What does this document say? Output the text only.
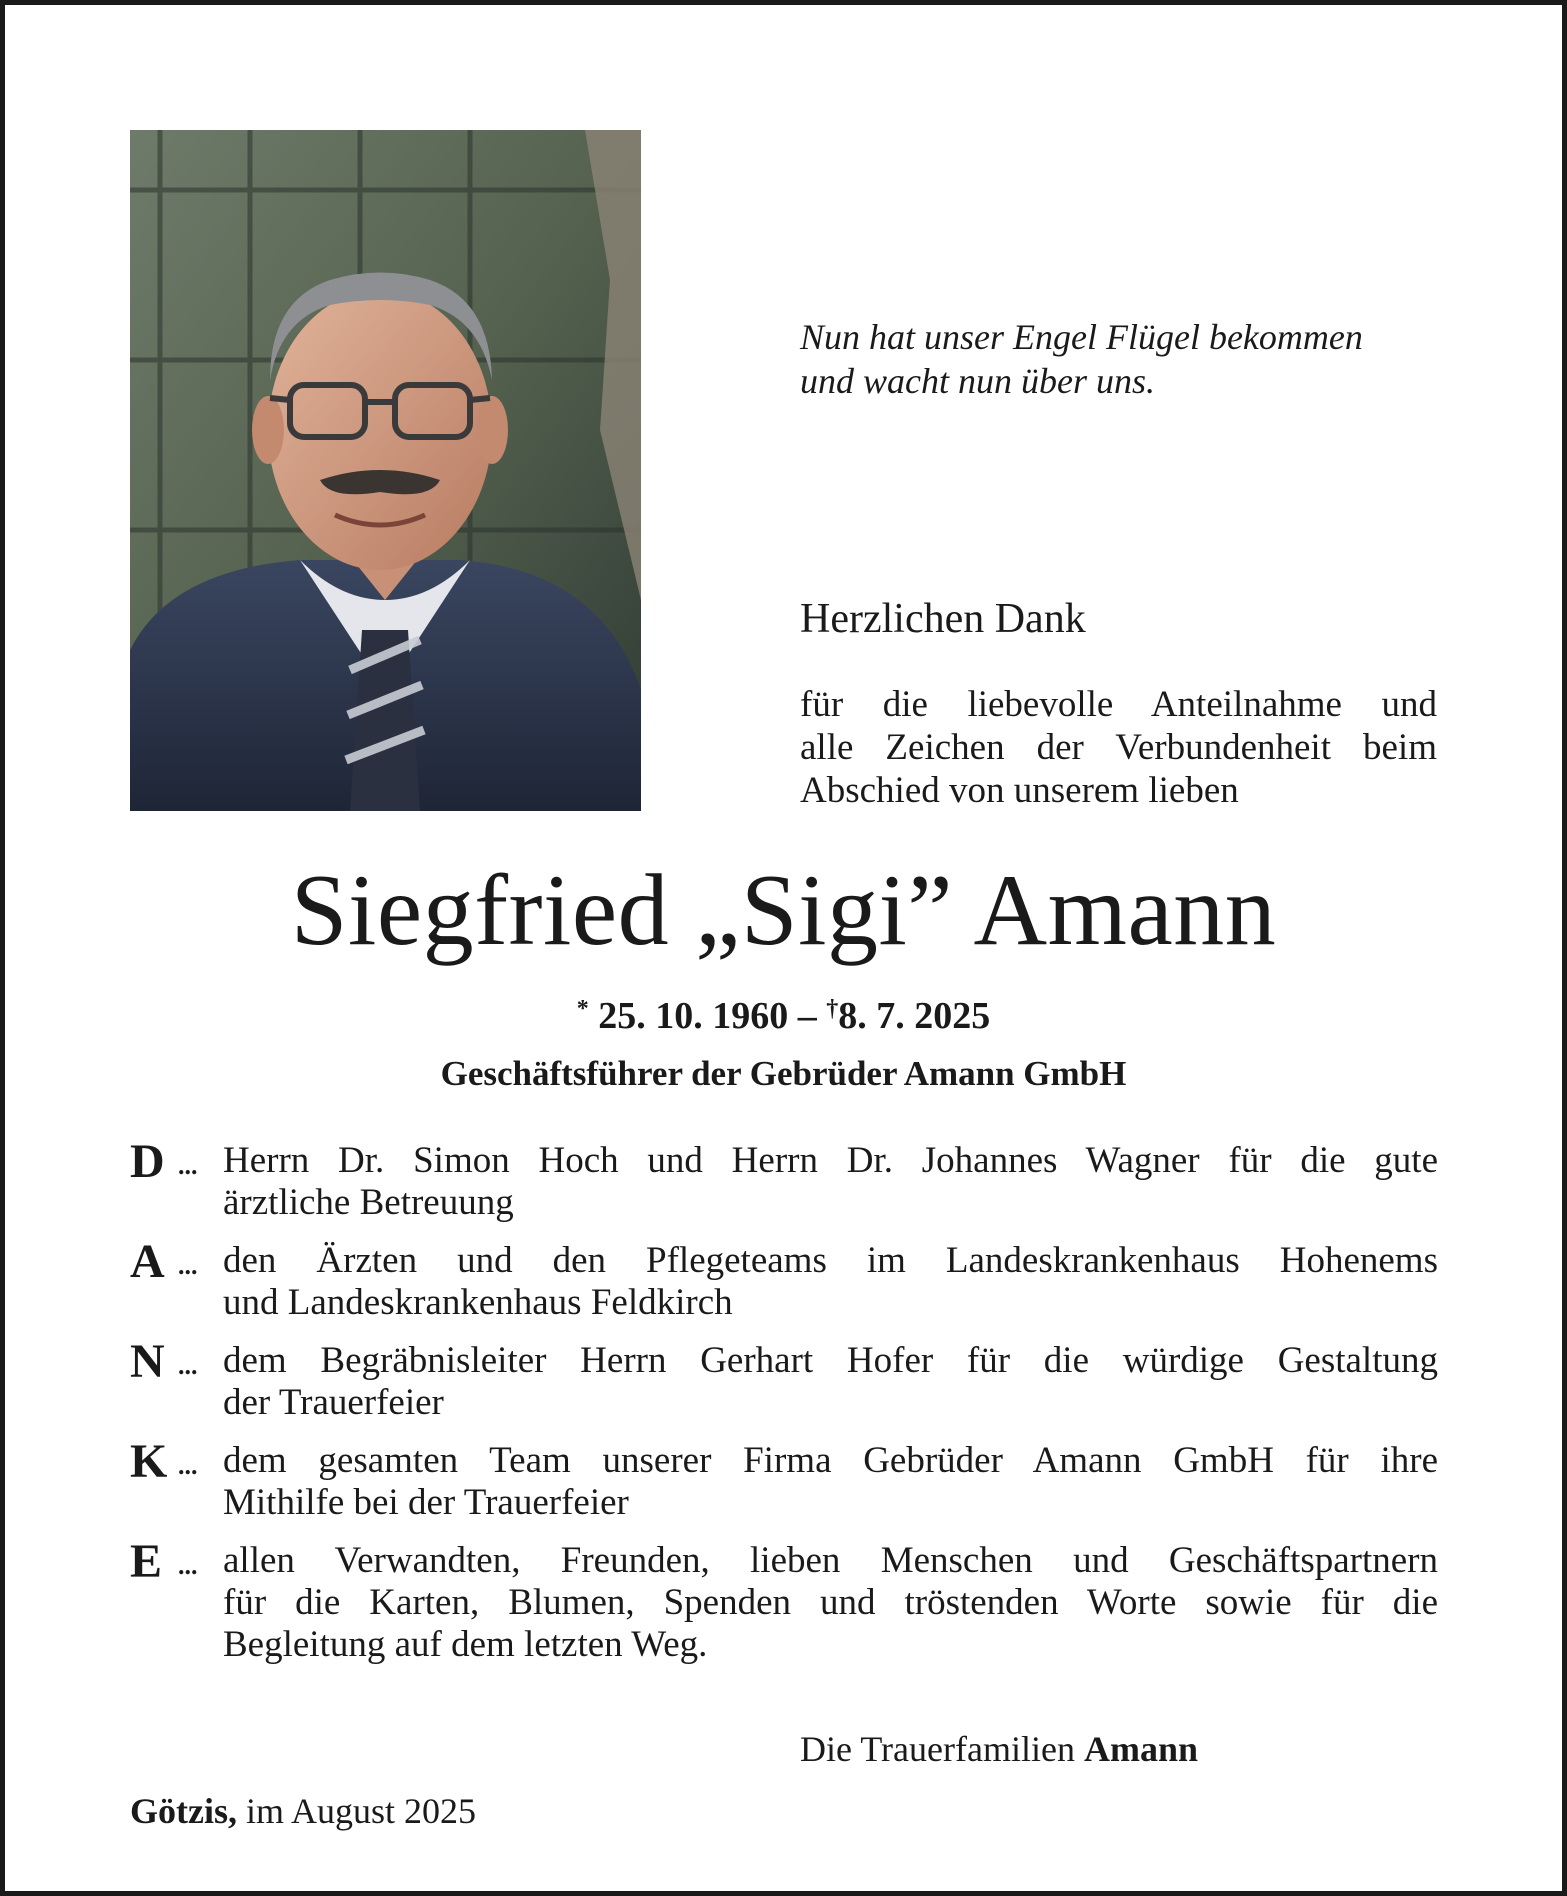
Nun hat unser Engel Flügel bekommen
und wacht nun über uns.
Herzlichen Dank
für die liebevolle Anteilnahme und
alle Zeichen der Verbundenheit beim
Abschied von unserem lieben
Siegfried „Sigi” Amann
* 25. 10. 1960 – †8. 7. 2025
Geschäftsführer der Gebrüder Amann GmbH
D ... Herrn Dr. Simon Hoch und Herrn Dr. Johannes Wagner für die gute
ärztliche Betreuung
A ... den Ärzten und den Pflegeteams im Landeskrankenhaus Hohenems
und Landeskrankenhaus Feldkirch
N ... dem Begräbnisleiter Herrn Gerhart Hofer für die würdige Gestaltung
der Trauerfeier
K ... dem gesamten Team unserer Firma Gebrüder Amann GmbH für ihre
Mithilfe bei der Trauerfeier
E ... allen Verwandten, Freunden, lieben Menschen und Geschäftspartnern
für die Karten, Blumen, Spenden und tröstenden Worte sowie für die
Begleitung auf dem letzten Weg.
Die Trauerfamilien Amann
Götzis, im August 2025
